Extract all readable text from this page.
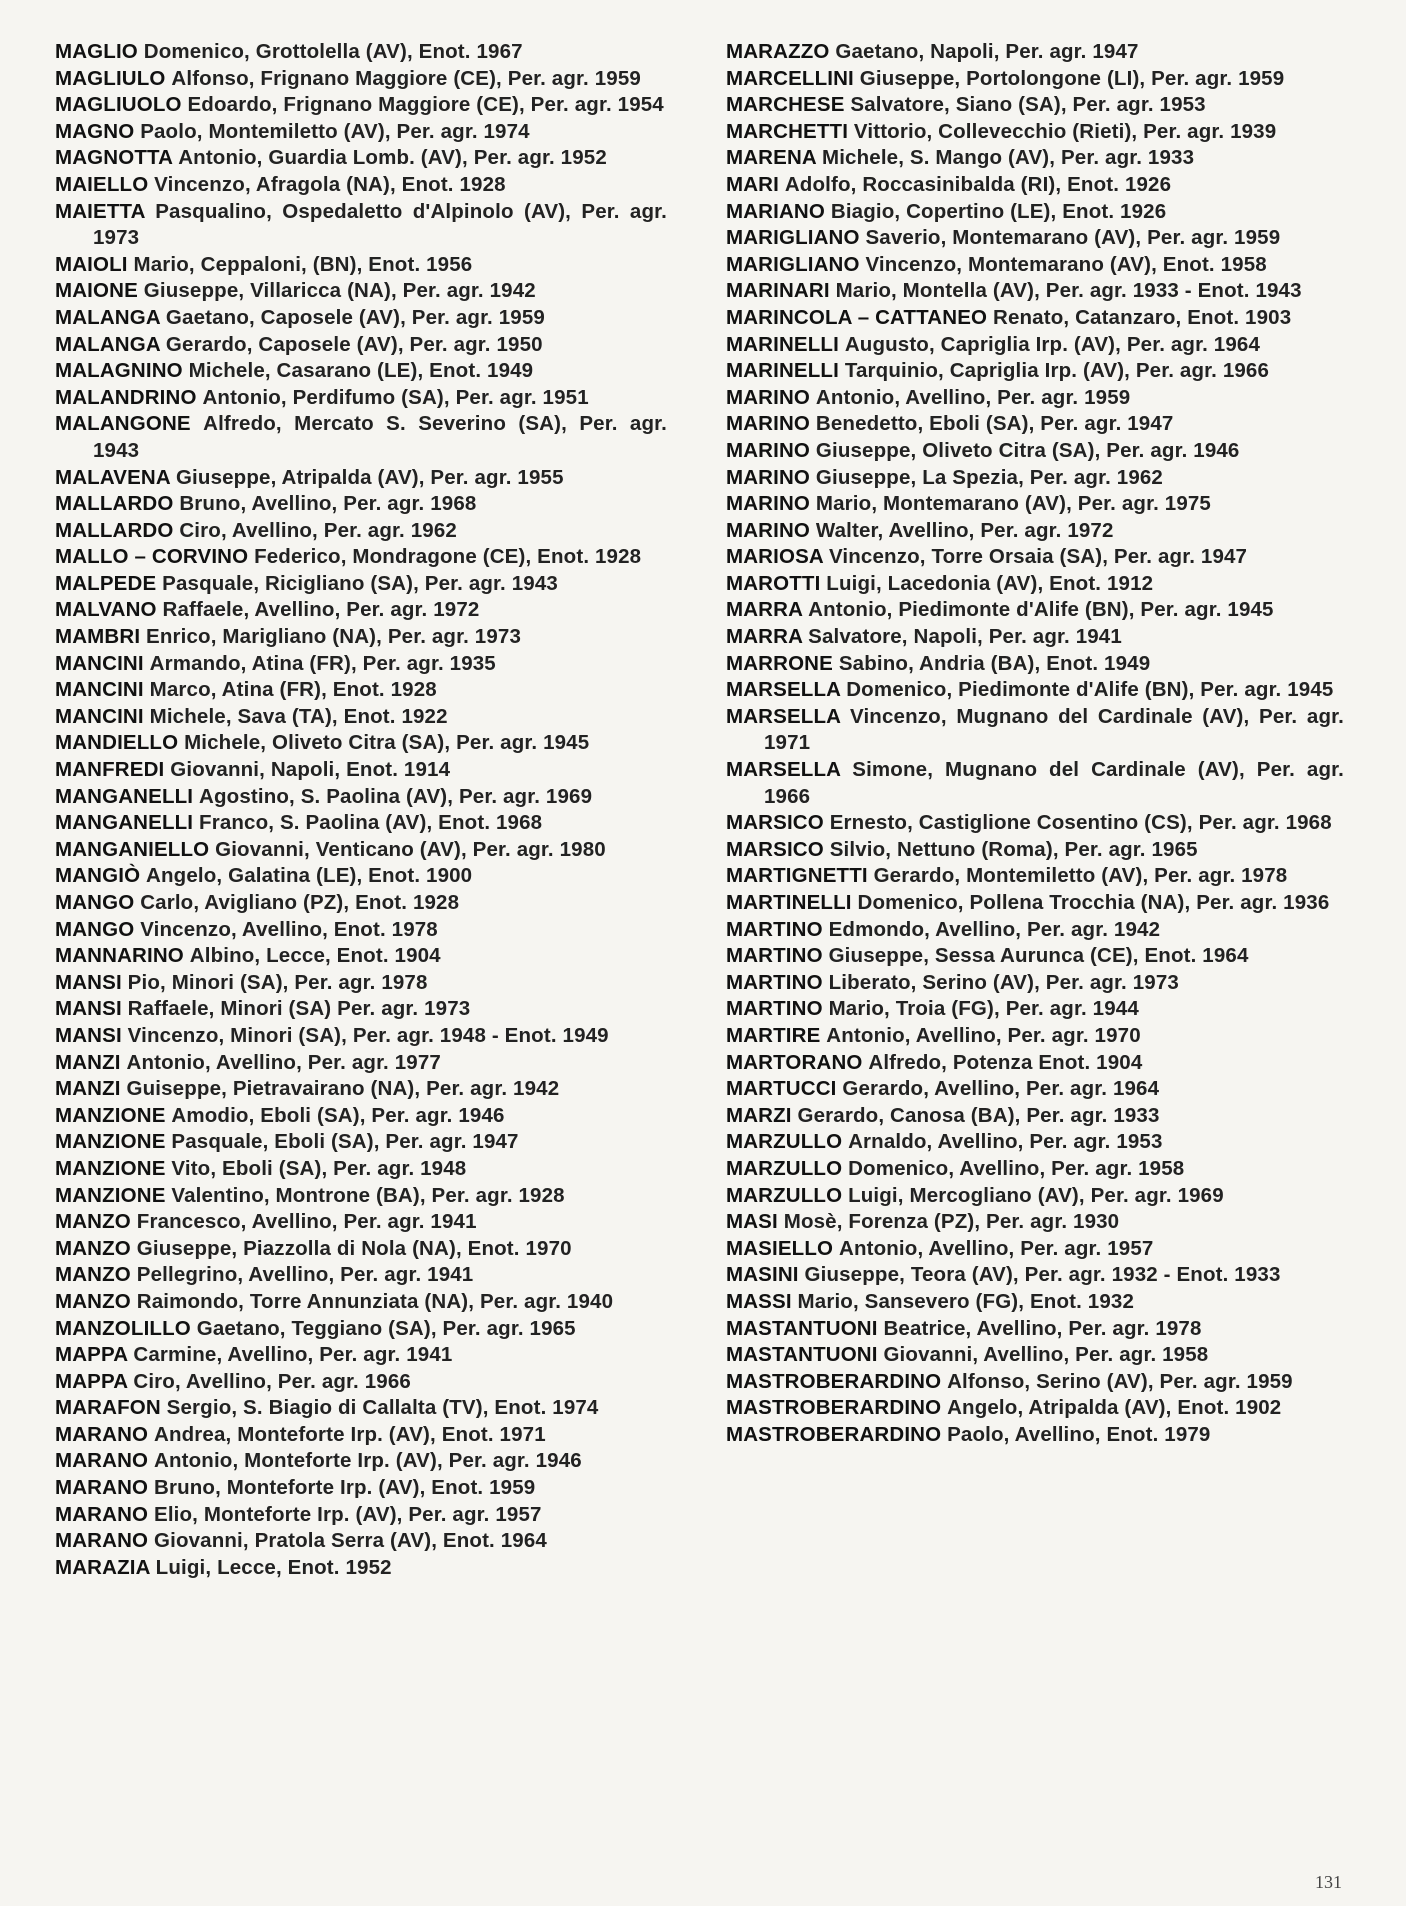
MAGLIO Domenico, Grottolella (AV), Enot. 1967

MAGLIULO Alfonso, Frignano Maggiore (CE), Per. agr. 1959

MAGLIUOLO Edoardo, Frignano Maggiore (CE), Per. agr. 1954

MAGNO Paolo, Montemiletto (AV), Per. agr. 1974

MAGNOTTA Antonio, Guardia Lomb. (AV), Per. agr. 1952

MAIELLO Vincenzo, Afragola (NA), Enot. 1928

MAIETTA Pasqualino, Ospedaletto d'Alpinolo (AV), Per. agr. 1973

MAIOLI Mario, Ceppaloni, (BN), Enot. 1956

MAIONE Giuseppe, Villaricca (NA), Per. agr. 1942

MALANGA Gaetano, Caposele (AV), Per. agr. 1959

MALANGA Gerardo, Caposele (AV), Per. agr. 1950

MALAGNINO Michele, Casarano (LE), Enot. 1949

MALANDRINO Antonio, Perdifumo (SA), Per. agr. 1951

MALANGONE Alfredo, Mercato S. Severino (SA), Per. agr. 1943

MALAVENA Giuseppe, Atripalda (AV), Per. agr. 1955

MALLARDO Bruno, Avellino, Per. agr. 1968

MALLARDO Ciro, Avellino, Per. agr. 1962

MALLO – CORVINO Federico, Mondragone (CE), Enot. 1928

MALPEDE Pasquale, Ricigliano (SA), Per. agr. 1943

MALVANO Raffaele, Avellino, Per. agr. 1972

MAMBRI Enrico, Marigliano (NA), Per. agr. 1973

MANCINI Armando, Atina (FR), Per. agr. 1935

MANCINI Marco, Atina (FR), Enot. 1928

MANCINI Michele, Sava (TA), Enot. 1922

MANDIELLO Michele, Oliveto Citra (SA), Per. agr. 1945

MANFREDI Giovanni, Napoli, Enot. 1914

MANGANELLI Agostino, S. Paolina (AV), Per. agr. 1969

MANGANELLI Franco, S. Paolina (AV), Enot. 1968

MANGANIELLO Giovanni, Venticano (AV), Per. agr. 1980

MANGIÒ Angelo, Galatina (LE), Enot. 1900

MANGO Carlo, Avigliano (PZ), Enot. 1928

MANGO Vincenzo, Avellino, Enot. 1978

MANNARINO Albino, Lecce, Enot. 1904

MANSI Pio, Minori (SA), Per. agr. 1978

MANSI Raffaele, Minori (SA) Per. agr. 1973

MANSI Vincenzo, Minori (SA), Per. agr. 1948 - Enot. 1949

MANZI Antonio, Avellino, Per. agr. 1977

MANZI Guiseppe, Pietravairano (NA), Per. agr. 1942

MANZIONE Amodio, Eboli (SA), Per. agr. 1946

MANZIONE Pasquale, Eboli (SA), Per. agr. 1947

MANZIONE Vito, Eboli (SA), Per. agr. 1948

MANZIONE Valentino, Montrone (BA), Per. agr. 1928

MANZO Francesco, Avellino, Per. agr. 1941

MANZO Giuseppe, Piazzolla di Nola (NA), Enot. 1970

MANZO Pellegrino, Avellino, Per. agr. 1941

MANZO Raimondo, Torre Annunziata (NA), Per. agr. 1940

MANZOLILLO Gaetano, Teggiano (SA), Per. agr. 1965

MAPPA Carmine, Avellino, Per. agr. 1941

MAPPA Ciro, Avellino, Per. agr. 1966

MARAFON Sergio, S. Biagio di Callalta (TV), Enot. 1974

MARANO Andrea, Monteforte Irp. (AV), Enot. 1971

MARANO Antonio, Monteforte Irp. (AV), Per. agr. 1946

MARANO Bruno, Monteforte Irp. (AV), Enot. 1959

MARANO Elio, Monteforte Irp. (AV), Per. agr. 1957

MARANO Giovanni, Pratola Serra (AV), Enot. 1964

MARAZIA Luigi, Lecce, Enot. 1952

MARAZZO Gaetano, Napoli, Per. agr. 1947

MARCELLINI Giuseppe, Portolongone (LI), Per. agr. 1959

MARCHESE Salvatore, Siano (SA), Per. agr. 1953

MARCHETTI Vittorio, Collevecchio (Rieti), Per. agr. 1939

MARENA Michele, S. Mango (AV), Per. agr. 1933

MARI Adolfo, Roccasinibalda (RI), Enot. 1926

MARIANO Biagio, Copertino (LE), Enot. 1926

MARIGLIANO Saverio, Montemarano (AV), Per. agr. 1959

MARIGLIANO Vincenzo, Montemarano (AV), Enot. 1958

MARINARI Mario, Montella (AV), Per. agr. 1933 - Enot. 1943

MARINCOLA – CATTANEO Renato, Catanzaro, Enot. 1903

MARINELLI Augusto, Capriglia Irp. (AV), Per. agr. 1964

MARINELLI Tarquinio, Capriglia Irp. (AV), Per. agr. 1966

MARINO Antonio, Avellino, Per. agr. 1959

MARINO Benedetto, Eboli (SA), Per. agr. 1947

MARINO Giuseppe, Oliveto Citra (SA), Per. agr. 1946

MARINO Giuseppe, La Spezia, Per. agr. 1962

MARINO Mario, Montemarano (AV), Per. agr. 1975

MARINO Walter, Avellino, Per. agr. 1972

MARIOSA Vincenzo, Torre Orsaia (SA), Per. agr. 1947

MAROTTI Luigi, Lacedonia (AV), Enot. 1912

MARRA Antonio, Piedimonte d'Alife (BN), Per. agr. 1945

MARRA Salvatore, Napoli, Per. agr. 1941

MARRONE Sabino, Andria (BA), Enot. 1949

MARSELLA Domenico, Piedimonte d'Alife (BN), Per. agr. 1945

MARSELLA Vincenzo, Mugnano del Cardinale (AV), Per. agr. 1971

MARSELLA Simone, Mugnano del Cardinale (AV), Per. agr. 1966

MARSICO Ernesto, Castiglione Cosentino (CS), Per. agr. 1968

MARSICO Silvio, Nettuno (Roma), Per. agr. 1965

MARTIGNETTI Gerardo, Montemiletto (AV), Per. agr. 1978

MARTINELLI Domenico, Pollena Trocchia (NA), Per. agr. 1936

MARTINO Edmondo, Avellino, Per. agr. 1942

MARTINO Giuseppe, Sessa Aurunca (CE), Enot. 1964

MARTINO Liberato, Serino (AV), Per. agr. 1973

MARTINO Mario, Troia (FG), Per. agr. 1944

MARTIRE Antonio, Avellino, Per. agr. 1970

MARTORANO Alfredo, Potenza Enot. 1904

MARTUCCI Gerardo, Avellino, Per. agr. 1964

MARZI Gerardo, Canosa (BA), Per. agr. 1933

MARZULLO Arnaldo, Avellino, Per. agr. 1953

MARZULLO Domenico, Avellino, Per. agr. 1958

MARZULLO Luigi, Mercogliano (AV), Per. agr. 1969

MASI Mosè, Forenza (PZ), Per. agr. 1930

MASIELLO Antonio, Avellino, Per. agr. 1957

MASINI Giuseppe, Teora (AV), Per. agr. 1932 - Enot. 1933

MASSI Mario, Sansevero (FG), Enot. 1932

MASTANTUONI Beatrice, Avellino, Per. agr. 1978

MASTANTUONI Giovanni, Avellino, Per. agr. 1958

MASTROBERARDINO Alfonso, Serino (AV), Per. agr. 1959

MASTROBERARDINO Angelo, Atripalda (AV), Enot. 1902

MASTROBERARDINO Paolo, Avellino, Enot. 1979

131
